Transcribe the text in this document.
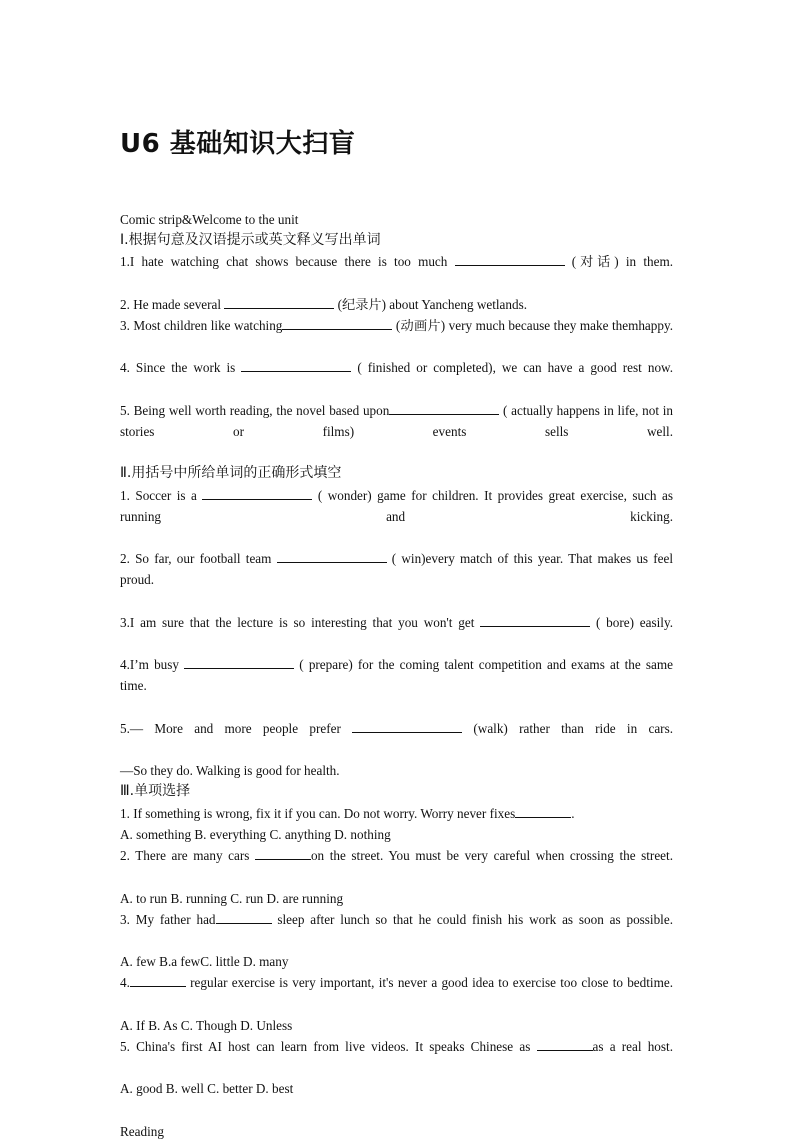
U6 基础知识大扫盲

Comic strip&Welcome to the unit

Ⅰ.根据句意及汉语提示或英文释义写出单词

1.I hate watching chat shows because there is too much	(对话) in them.

2. He made several	(纪录片) about Yancheng wetlands.

3. Most children like watching	(动画片) very much because they make themhappy.

4. Since the work is	( finished or completed), we can have a good rest now.

5. Being well worth reading, the novel based upon	( actually happens in life, not in stories or films) events sells well.

Ⅱ.用括号中所给单词的正确形式填空

1. Soccer is a	( wonder) game for children. It provides great exercise, such as running and kicking.

2. So far, our football team	( win)every match of this year. That makes us feel proud.

3.I am sure that the lecture is so interesting that you won't get	( bore) easily.

4.I’m busy	( prepare) for the coming talent competition and exams at the same time.

5.— More and more people prefer	(walk) rather than ride in cars.

—So they do. Walking is good for health.

Ⅲ.单项选择

1. If something is wrong, fix it if you can. Do not worry. Worry never fixes	.

A. something B. everything C. anything D. nothing

2. There are many cars	on the street. You must be very careful when crossing the street.

A. to run B. running C. run D. are running

3. My father had	sleep after lunch so that he could finish his work as soon as possible.

A. few B.a fewC. little D. many

4.	regular exercise is very important, it's never a good idea to exercise too close to bedtime.

A. If B. As C. Though D. Unless

5. China's first AI host can learn from live videos. It speaks Chinese as	as a real host.

A. good B. well C. better D. best

Reading
